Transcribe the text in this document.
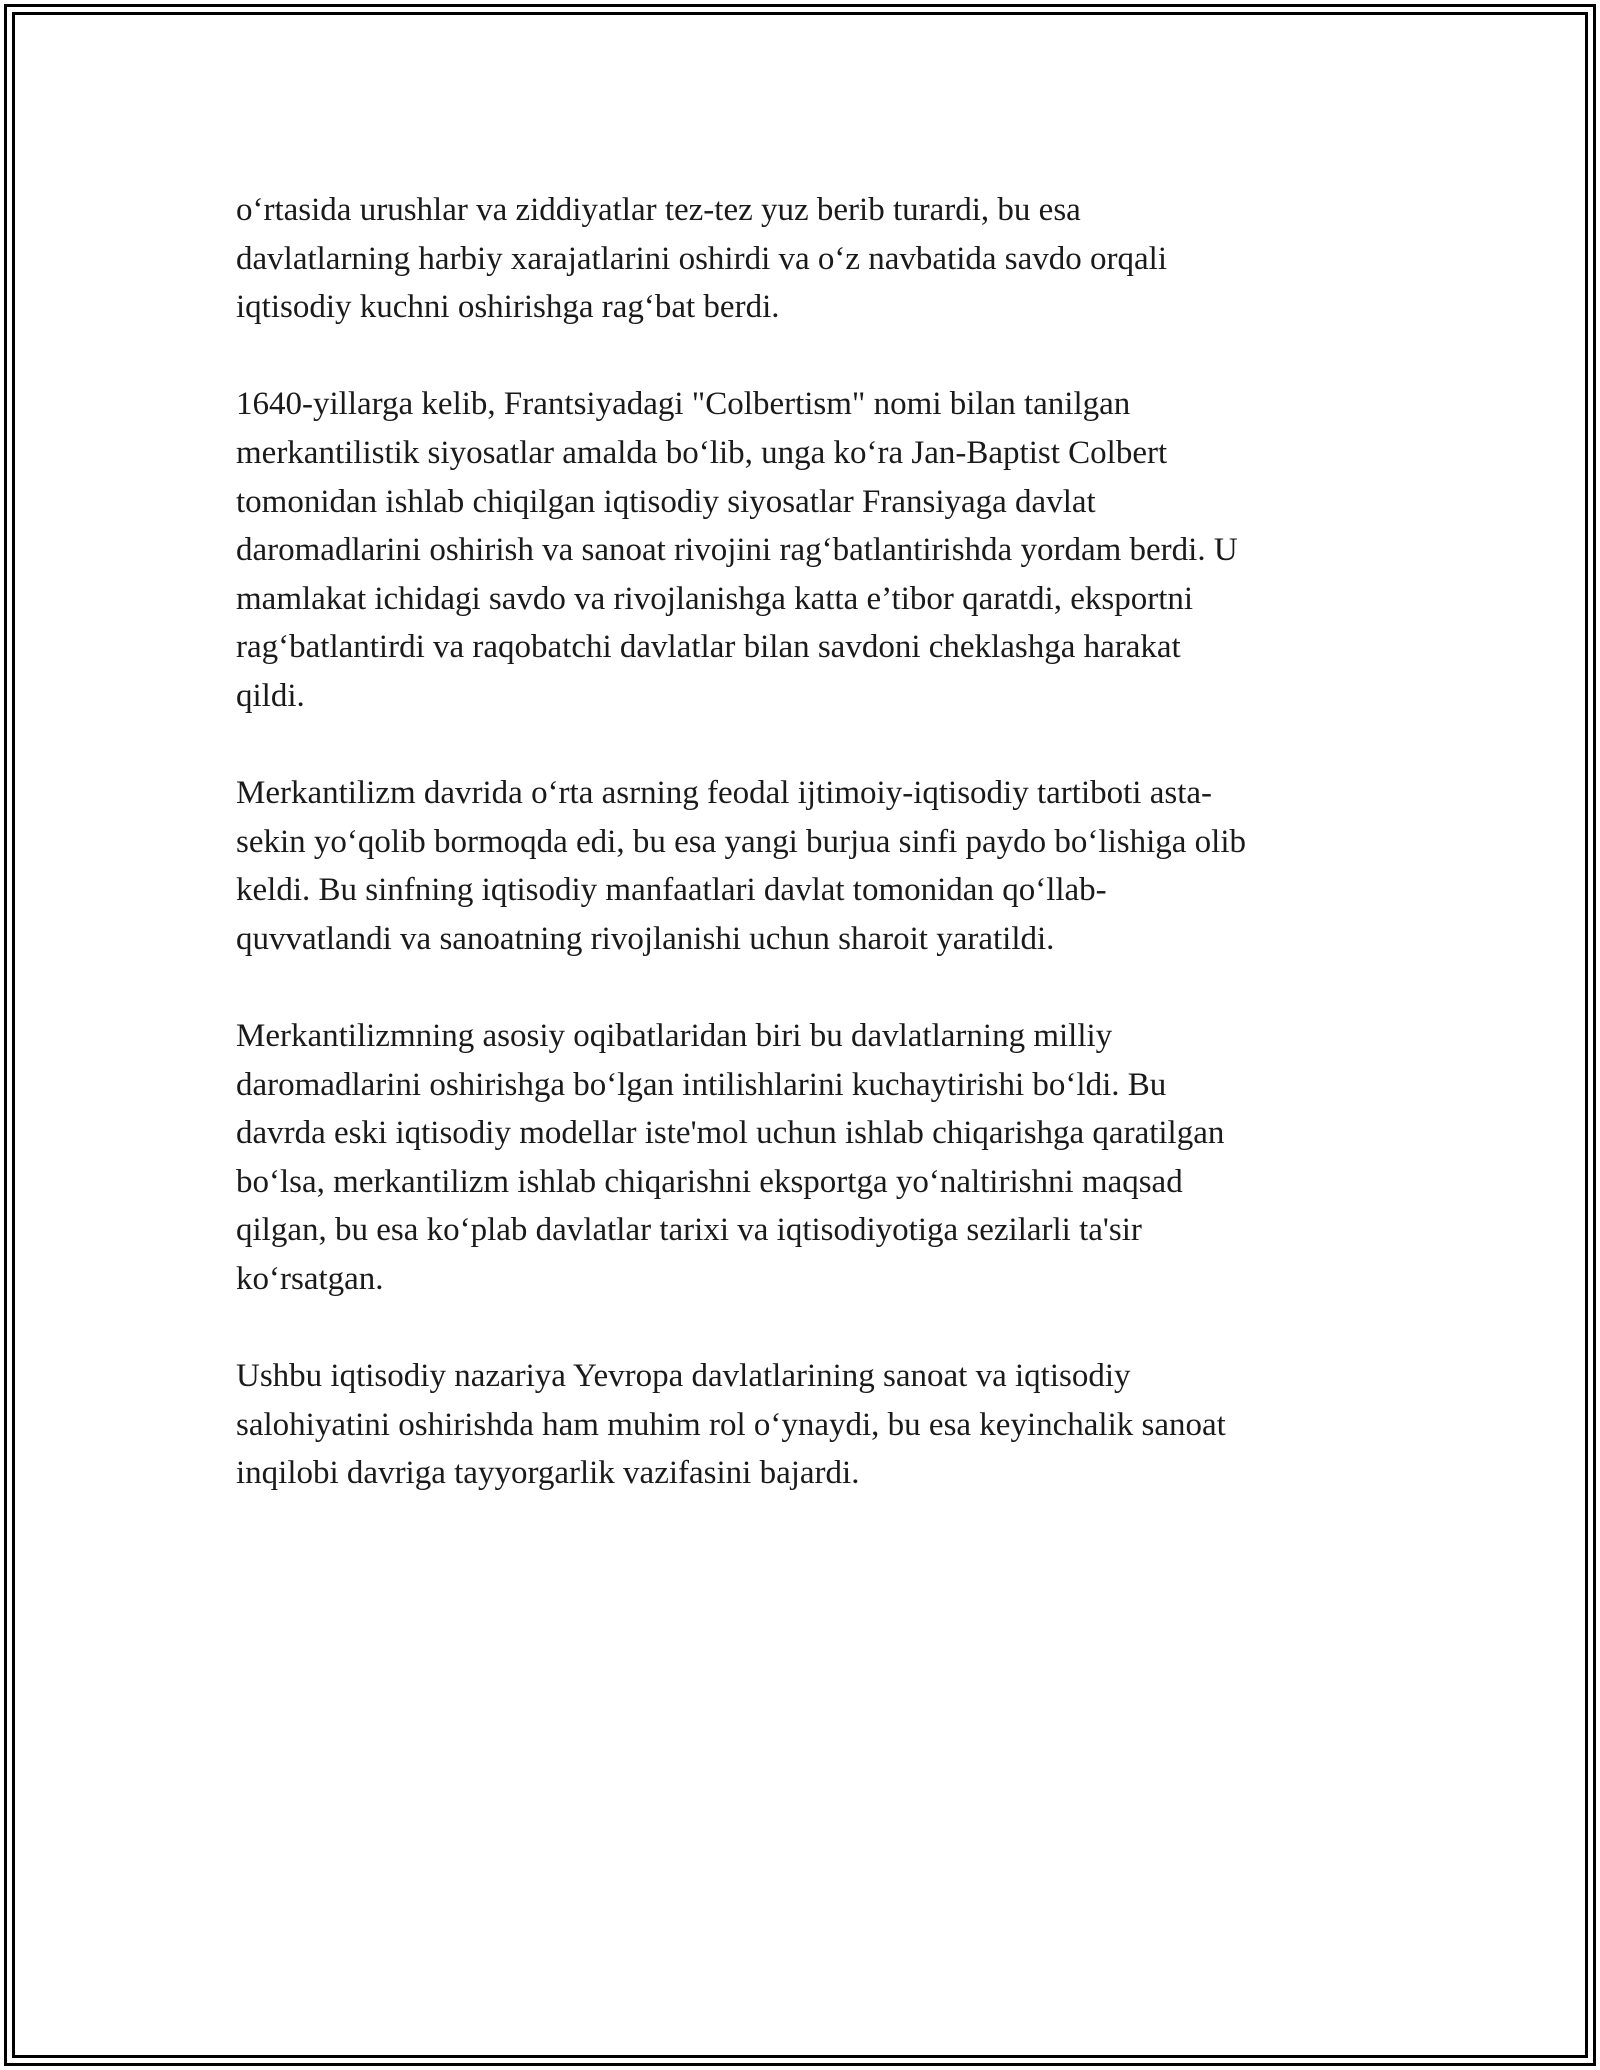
o‘rtasida urushlar va ziddiyatlar tez-tez yuz berib turardi, bu esa
davlatlarning harbiy xarajatlarini oshirdi va o‘z navbatida savdo orqali
iqtisodiy kuchni oshirishga rag‘bat berdi.

1640-yillarga kelib, Frantsiyadagi "Colbertism" nomi bilan tanilgan
merkantilistik siyosatlar amalda bo‘lib, unga ko‘ra Jan-Baptist Colbert
tomonidan ishlab chiqilgan iqtisodiy siyosatlar Fransiyaga davlat
daromadlarini oshirish va sanoat rivojini rag‘batlantirishda yordam berdi. U
mamlakat ichidagi savdo va rivojlanishga katta e’tibor qaratdi, eksportni
rag‘batlantirdi va raqobatchi davlatlar bilan savdoni cheklashga harakat
qildi.

Merkantilizm davrida o‘rta asrning feodal ijtimoiy-iqtisodiy tartiboti asta-
sekin yo‘qolib bormoqda edi, bu esa yangi burjua sinfi paydo bo‘lishiga olib
keldi. Bu sinfning iqtisodiy manfaatlari davlat tomonidan qo‘llab-
quvvatlandi va sanoatning rivojlanishi uchun sharoit yaratildi.

Merkantilizmning asosiy oqibatlaridan biri bu davlatlarning milliy
daromadlarini oshirishga bo‘lgan intilishlarini kuchaytirishi bo‘ldi. Bu
davrda eski iqtisodiy modellar iste'mol uchun ishlab chiqarishga qaratilgan
bo‘lsa, merkantilizm ishlab chiqarishni eksportga yo‘naltirishni maqsad
qilgan, bu esa ko‘plab davlatlar tarixi va iqtisodiyotiga sezilarli ta'sir
ko‘rsatgan.

Ushbu iqtisodiy nazariya Yevropa davlatlarining sanoat va iqtisodiy
salohiyatini oshirishda ham muhim rol o‘ynaydi, bu esa keyinchalik sanoat
inqilobi davriga tayyorgarlik vazifasini bajardi.
